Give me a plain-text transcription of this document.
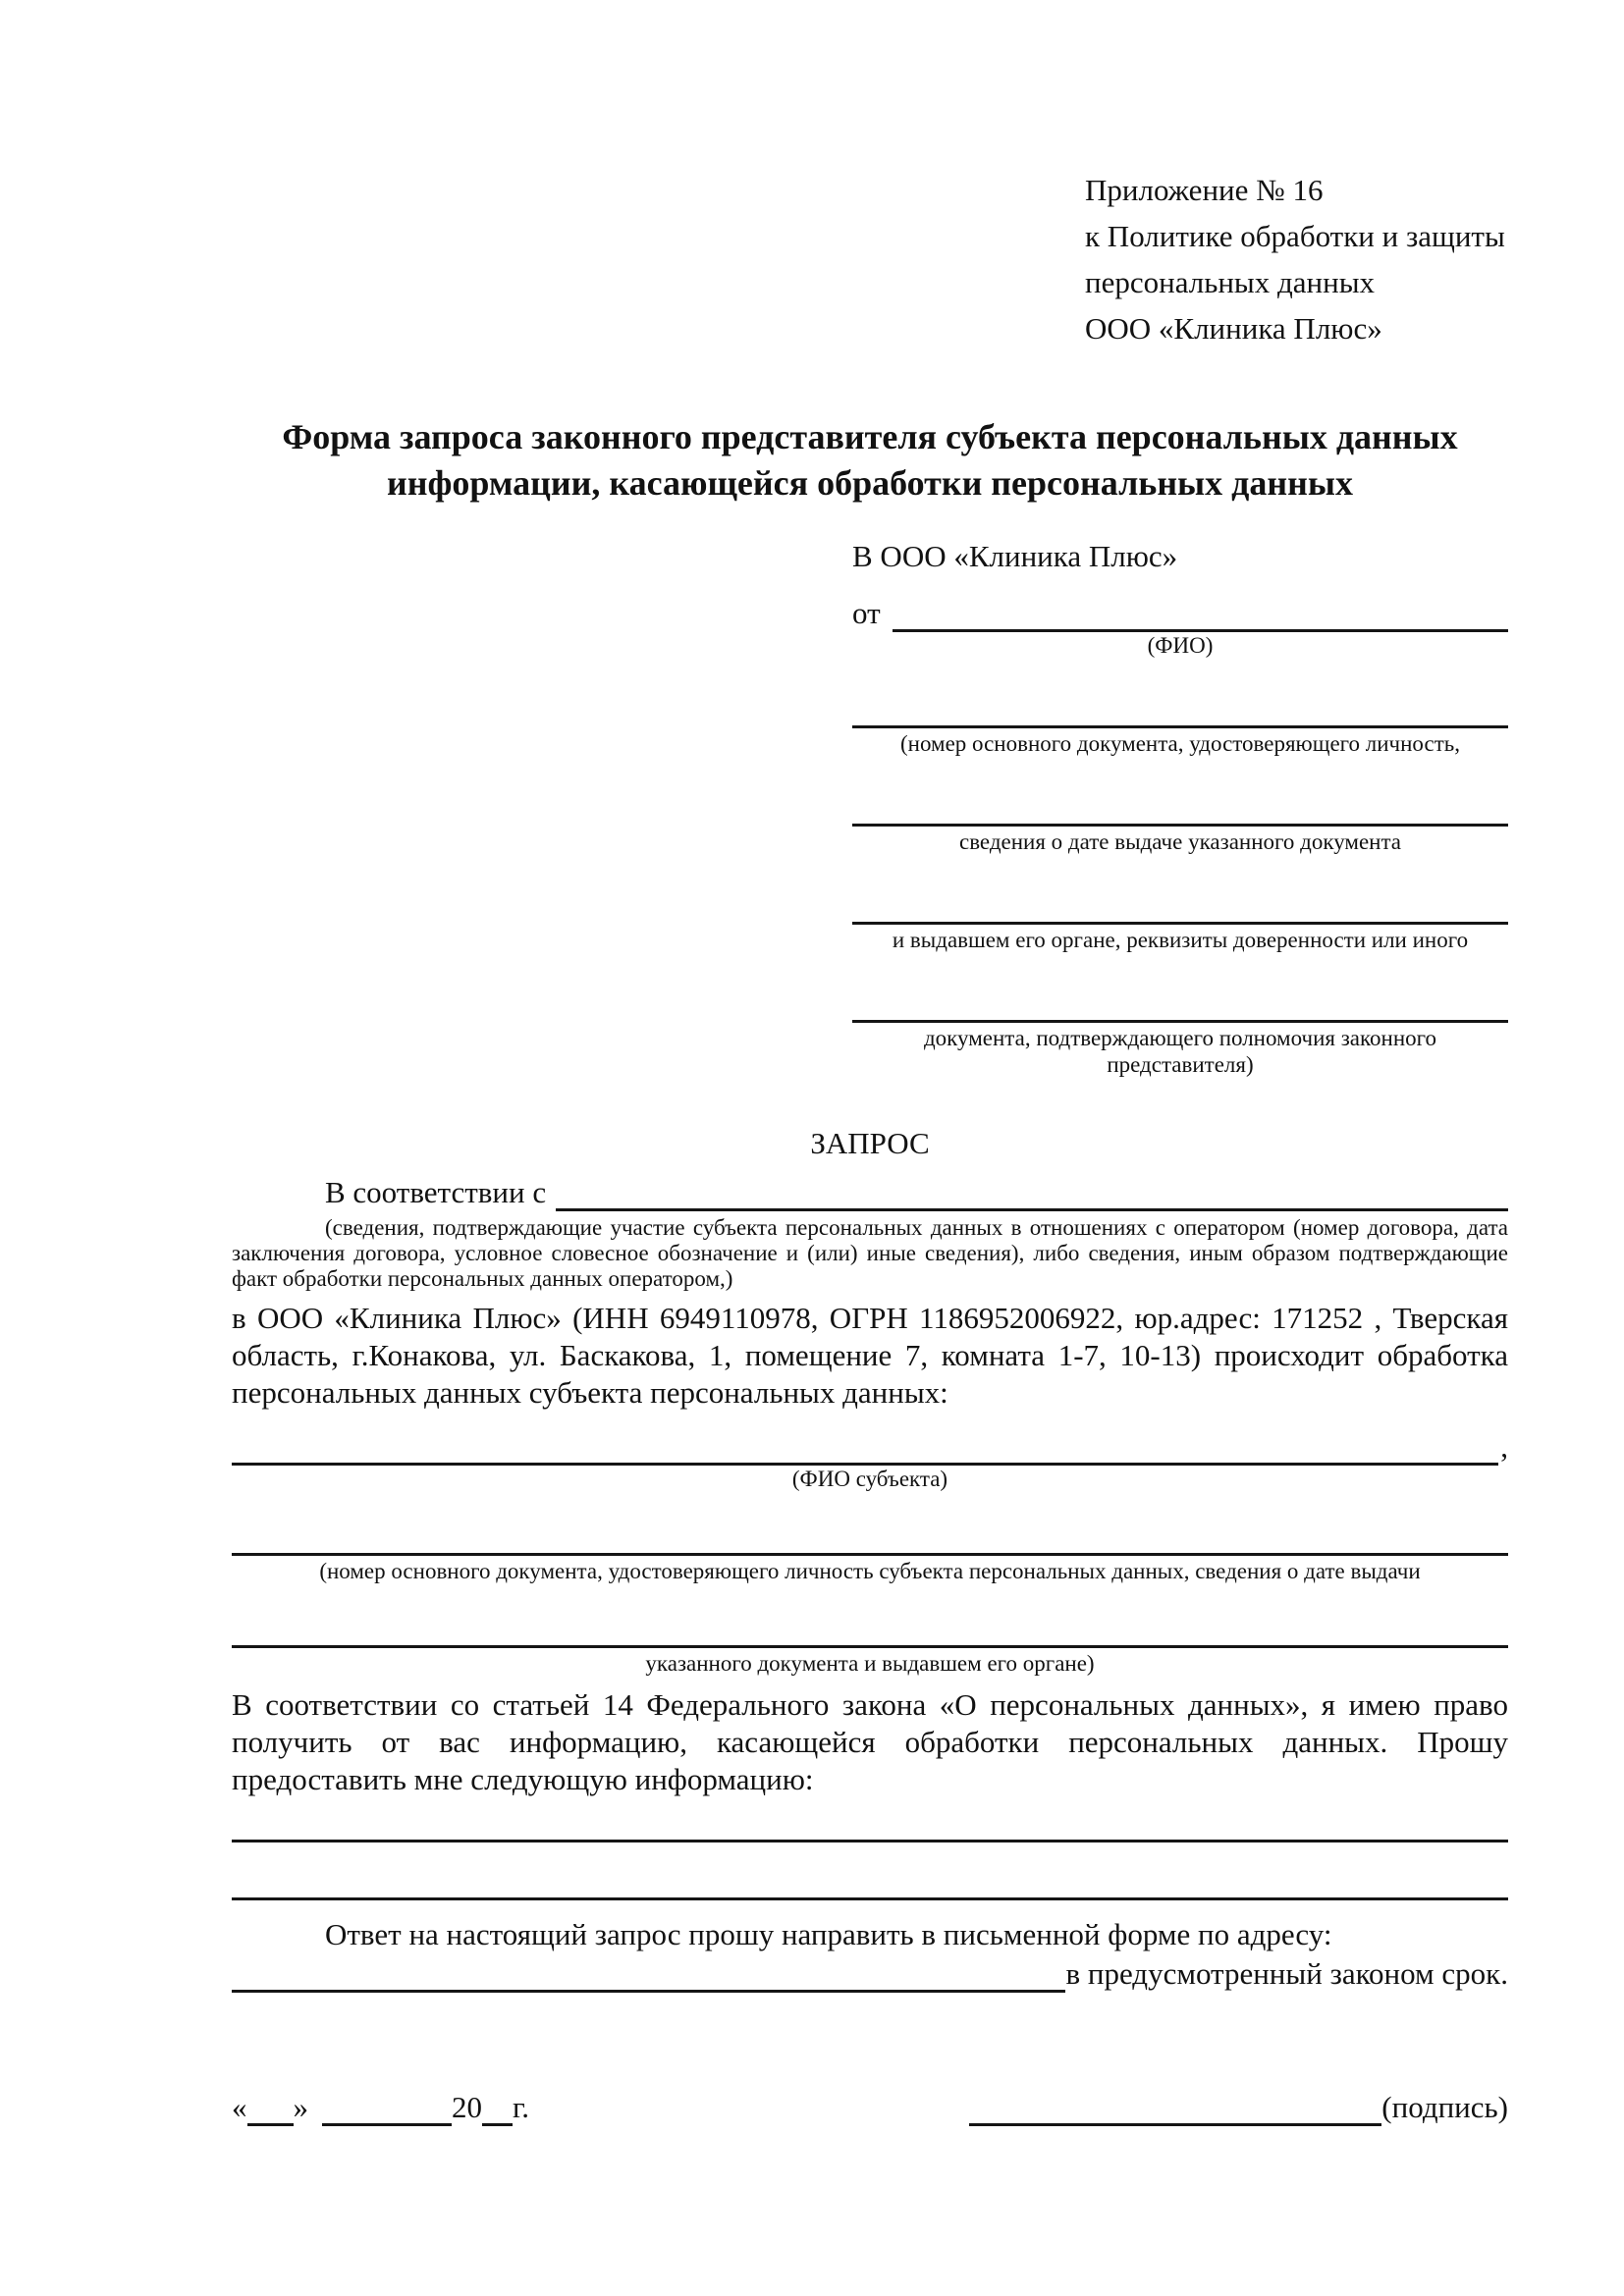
Приложение № 16
к Политике обработки и защиты
персональных данных
ООО «Клиника Плюс»
Форма запроса законного представителя субъекта персональных данных информации, касающейся обработки персональных данных
В ООО «Клиника Плюс»
от
(ФИО)
(номер основного документа, удостоверяющего личность,
сведения о дате выдаче указанного документа
и выдавшем его органе, реквизиты доверенности или иного
документа, подтверждающего полномочия законного представителя)
ЗАПРОС
В соответствии с
(сведения, подтверждающие участие субъекта персональных данных в отношениях с оператором (номер договора, дата заключения договора, условное словесное обозначение и (или) иные сведения), либо сведения, иным образом подтверждающие факт обработки персональных данных оператором,)
в ООО «Клиника Плюс» (ИНН 6949110978, ОГРН 1186952006922, юр.адрес: 171252 , Тверская область, г.Конакова, ул. Баскакова, 1, помещение 7, комната 1-7, 10-13) происходит обработка персональных данных субъекта персональных данных:
,
(ФИО субъекта)
(номер основного документа, удостоверяющего личность субъекта персональных данных, сведения о дате выдачи
указанного документа и выдавшем его органе)
В соответствии со статьей 14 Федерального закона «О персональных данных», я имею право получить от вас информацию, касающейся обработки персональных данных. Прошу предоставить мне следующую информацию:
Ответ на настоящий запрос прошу направить в письменной форме по адресу:
в предусмотренный законом срок.
« »	20 г.	(подпись)
